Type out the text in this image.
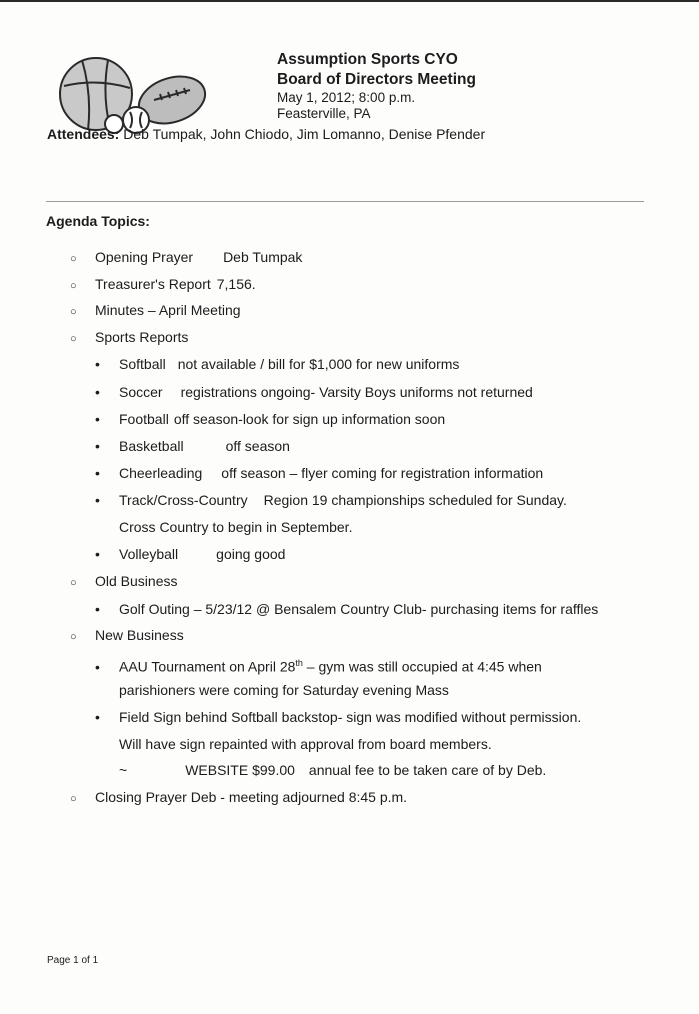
Assumption Sports CYO
Board of Directors Meeting
May 1, 2012; 8:00 p.m.
Feasterville, PA
Attendees: Deb Tumpak, John Chiodo, Jim Lomanno, Denise Pfender
Agenda Topics:
○ Opening Prayer Deb Tumpak
○ Treasurer's Report 7,156.
○ Minutes – April Meeting
○ Sports Reports
• Softball not available / bill for $1,000 for new uniforms
• Soccer registrations ongoing- Varsity Boys uniforms not returned
• Football off season-look for sign up information soon
• Basketball	off season
• Cheerleading off season – flyer coming for registration information
• Track/Cross-Country Region 19 championships scheduled for Sunday.
Cross Country to begin in September.
• Volleyball	going good
○ Old Business
• Golf Outing – 5/23/12 @ Bensalem Country Club- purchasing items for raffles
○ New Business
• AAU Tournament on April 28th – gym was still occupied at 4:45 when
parishioners were coming for Saturday evening Mass
• Field Sign behind Softball backstop- sign was modified without permission.
Will have sign repainted with approval from board members.
~	WEBSITE $99.00 annual fee to be taken care of by Deb.
○ Closing Prayer Deb - meeting adjourned 8:45 p.m.
Page 1 of 1
